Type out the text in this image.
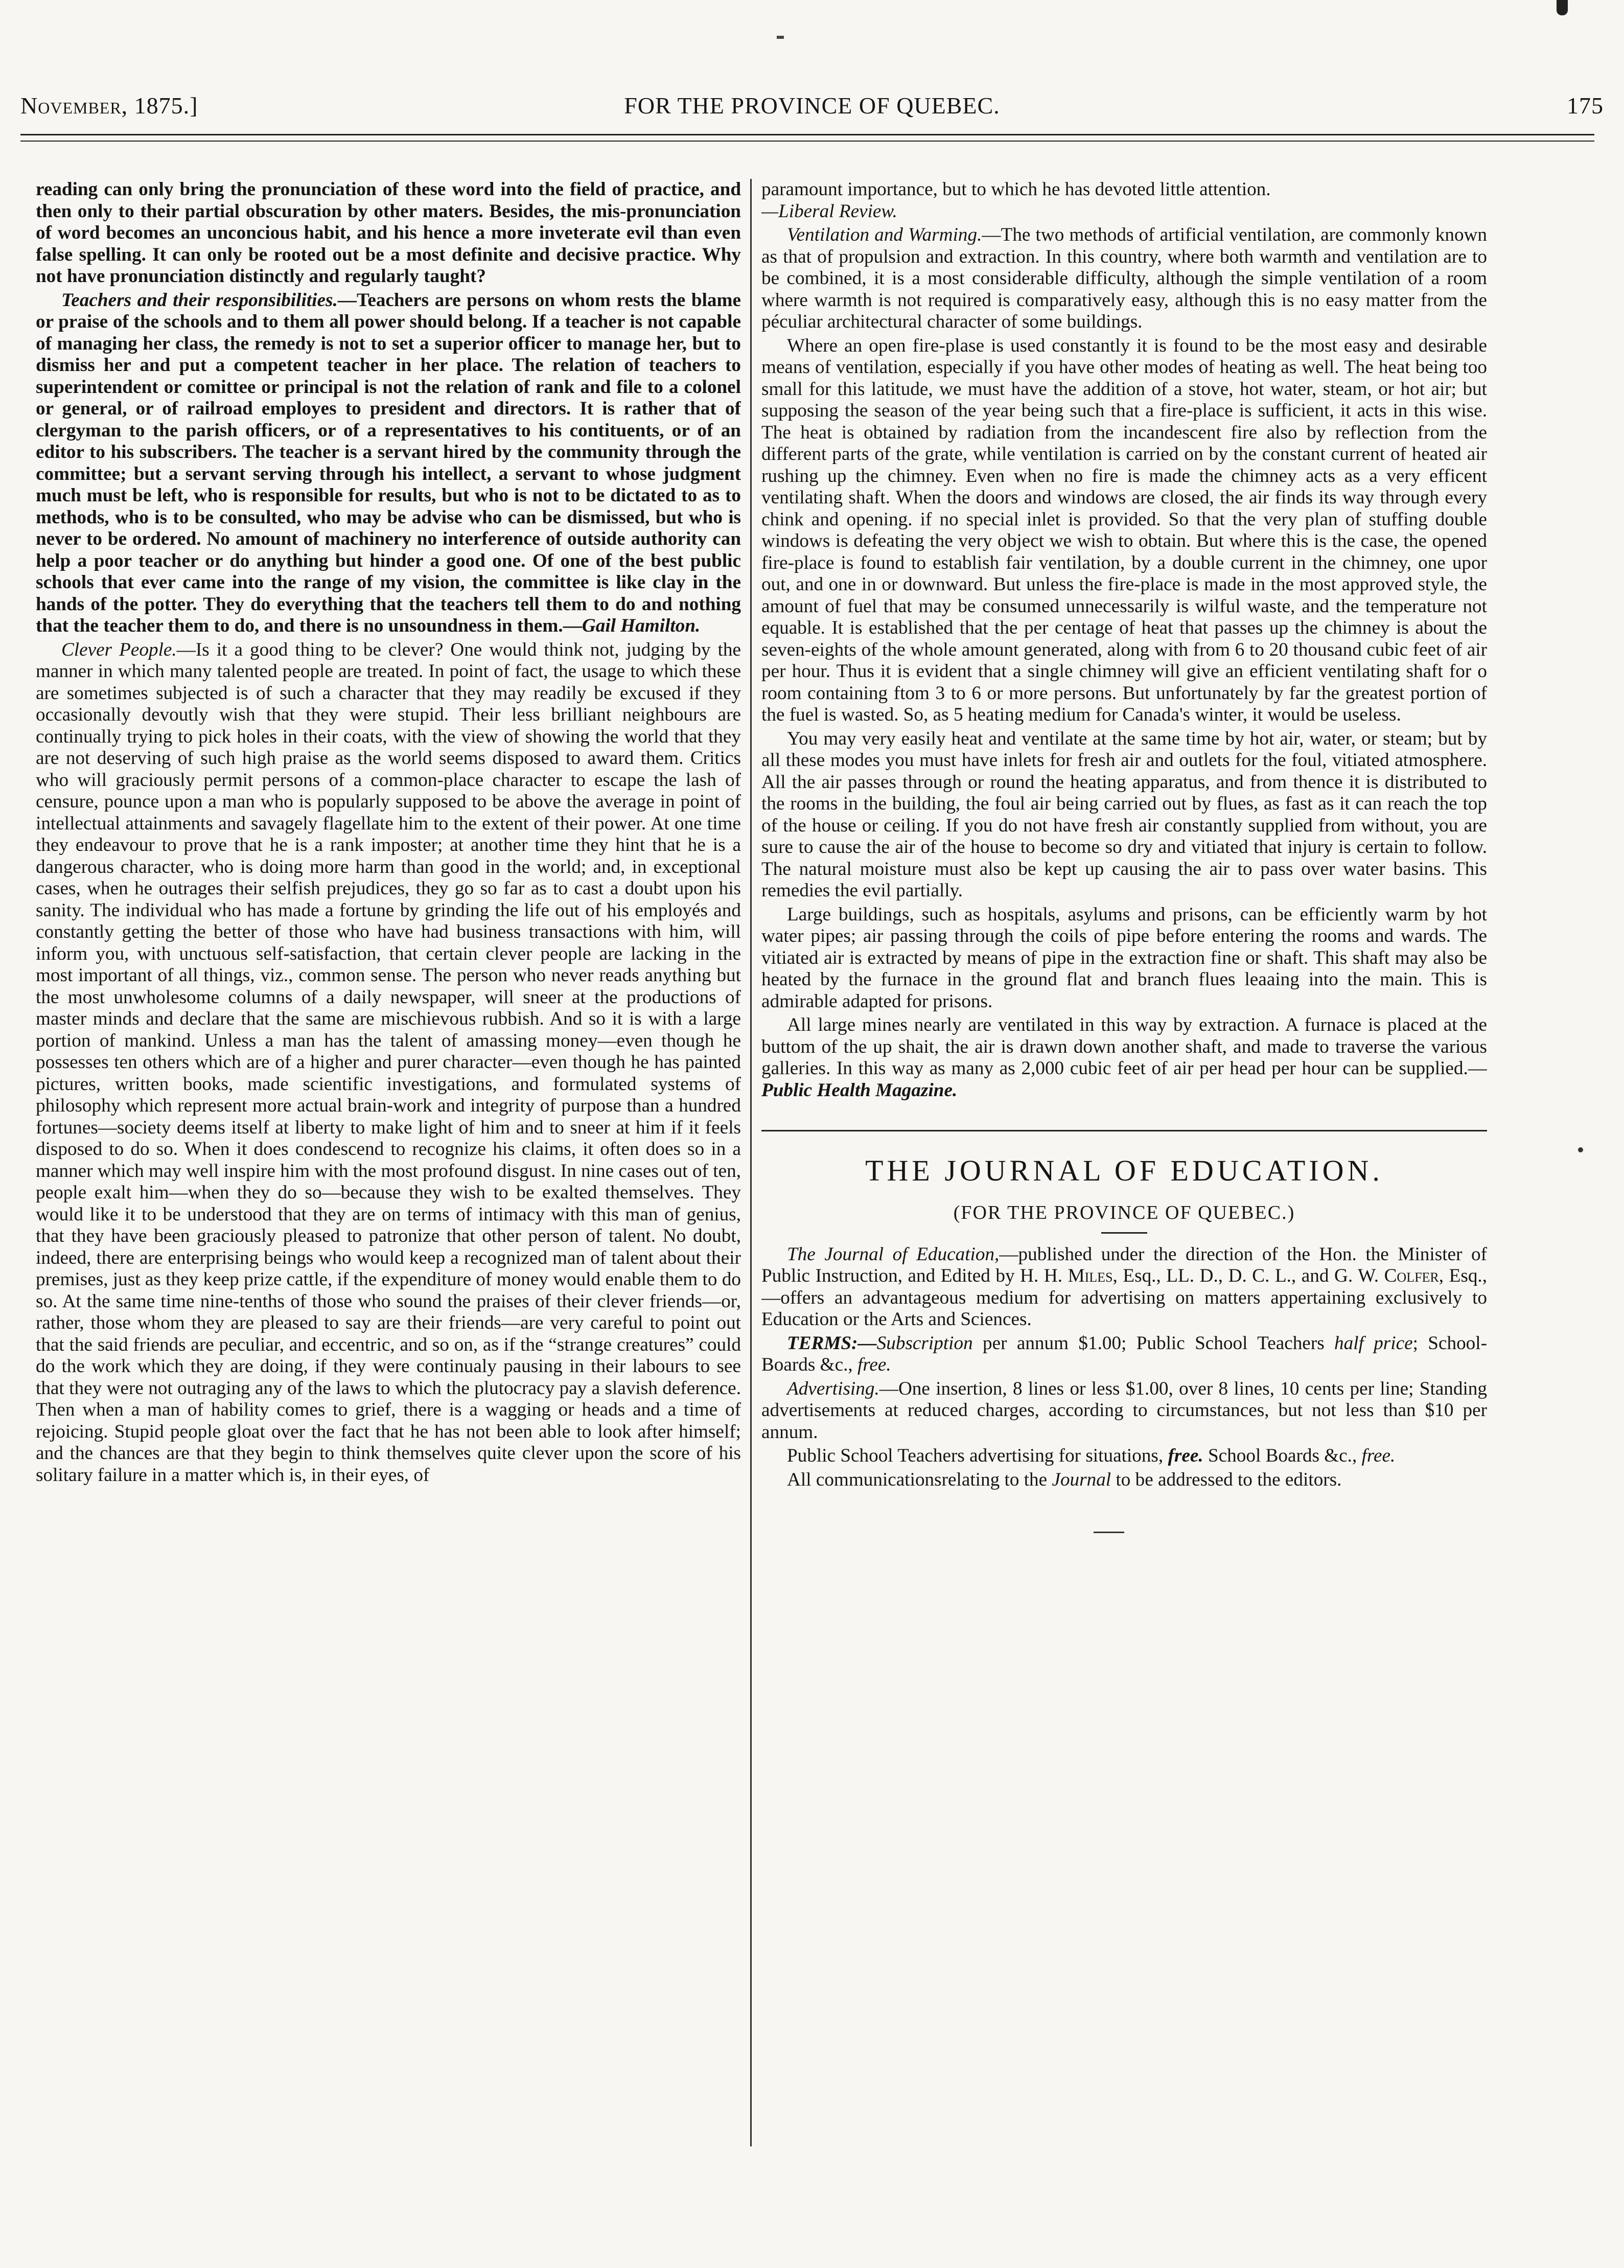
November, 1875.]	FOR THE PROVINCE OF QUEBEC.	175

reading can only bring the pronunciation of these word into the field of practice, and then only to their partial obscuration by other maters. Besides, the mis-pronunciation of word becomes an unconcious habit, and his hence a more inveterate evil than even false spelling. It can only be rooted out be a most definite and decisive practice. Why not have pronunciation distinctly and regularly taught?

Teachers and their responsibilities.—Teachers are persons on whom rests the blame or praise of the schools and to them all power should belong. If a teacher is not capable of managing her class, the remedy is not to set a superior officer to manage her, but to dismiss her and put a competent teacher in her place. The relation of teachers to superintendent or comittee or principal is not the relation of rank and file to a colonel or general, or of railroad employes to president and directors. It is rather that of clergyman to the parish officers, or of a representatives to his contituents, or of an editor to his subscribers. The teacher is a servant hired by the community through the committee; but a servant serving through his intellect, a servant to whose judgment much must be left, who is responsible for results, but who is not to be dictated to as to methods, who is to be consulted, who may be advise who can be dismissed, but who is never to be ordered. No amount of machinery no interference of outside authority can help a poor teacher or do anything but hinder a good one. Of one of the best public schools that ever came into the range of my vision, the committee is like clay in the hands of the potter. They do everything that the teachers tell them to do and nothing that the teacher them to do, and there is no unsoundness in them.—Gail Hamilton.

Clever People.—Is it a good thing to be clever? One would think not, judging by the manner in which many talented people are treated. In point of fact, the usage to which these are sometimes subjected is of such a character that they may readily be excused if they occasionally devoutly wish that they were stupid. Their less brilliant neighbours are continually trying to pick holes in their coats, with the view of showing the world that they are not deserving of such high praise as the world seems disposed to award them. Critics who will graciously permit persons of a common-place character to escape the lash of censure, pounce upon a man who is popularly supposed to be above the average in point of intellectual attainments and savagely flagellate him to the extent of their power. At one time they endeavour to prove that he is a rank imposter; at another time they hint that he is a dangerous character, who is doing more harm than good in the world; and, in exceptional cases, when he outrages their selfish prejudices, they go so far as to cast a doubt upon his sanity. The individual who has made a fortune by grinding the life out of his employés and constantly getting the better of those who have had business transactions with him, will inform you, with unctuous self-satisfaction, that certain clever people are lacking in the most important of all things, viz., common sense. The person who never reads anything but the most unwholesome columns of a daily newspaper, will sneer at the productions of master minds and declare that the same are mischievous rubbish. And so it is with a large portion of mankind. Unless a man has the talent of amassing money—even though he possesses ten others which are of a higher and purer character—even though he has painted pictures, written books, made scientific investigations, and formulated systems of philosophy which represent more actual brain-work and integrity of purpose than a hundred fortunes—society deems itself at liberty to make light of him and to sneer at him if it feels disposed to do so. When it does condescend to recognize his claims, it often does so in a manner which may well inspire him with the most profound disgust. In nine cases out of ten, people exalt him—when they do so—because they wish to be exalted themselves. They would like it to be understood that they are on terms of intimacy with this man of genius, that they have been graciously pleased to patronize that other person of talent. No doubt, indeed, there are enterprising beings who would keep a recognized man of talent about their premises, just as they keep prize cattle, if the expenditure of money would enable them to do so. At the same time nine-tenths of those who sound the praises of their clever friends—or, rather, those whom they are pleased to say are their friends—are very careful to point out that the said friends are peculiar, and eccentric, and so on, as if the “strange creatures” could do the work which they are doing, if they were continualy pausing in their labours to see that they were not outraging any of the laws to which the plutocracy pay a slavish deference. Then when a man of hability comes to grief, there is a wagging or heads and a time of rejoicing. Stupid people gloat over the fact that he has not been able to look after himself; and the chances are that they begin to think themselves quite clever upon the score of his solitary failure in a matter which is, in their eyes, of

paramount importance, but to which he has devoted little attention.
—Liberal Review.

Ventilation and Warming.—The two methods of artificial ventilation, are commonly known as that of propulsion and extraction. In this country, where both warmth and ventilation are to be combined, it is a most considerable difficulty, although the simple ventilation of a room where warmth is not required is comparatively easy, although this is no easy matter from the péculiar architectural character of some buildings.

Where an open fire-plase is used constantly it is found to be the most easy and desirable means of ventilation, especially if you have other modes of heating as well. The heat being too small for this latitude, we must have the addition of a stove, hot water, steam, or hot air; but supposing the season of the year being such that a fire-place is sufficient, it acts in this wise. The heat is obtained by radiation from the incandescent fire also by reflection from the different parts of the grate, while ventilation is carried on by the constant current of heated air rushing up the chimney. Even when no fire is made the chimney acts as a very efficent ventilating shaft. When the doors and windows are closed, the air finds its way through every chink and opening. if no special inlet is provided. So that the very plan of stuffing double windows is defeating the very object we wish to obtain. But where this is the case, the opened fire-place is found to establish fair ventilation, by a double current in the chimney, one upor out, and one in or downward. But unless the fire-place is made in the most approved style, the amount of fuel that may be consumed unnecessarily is wilful waste, and the temperature not equable. It is established that the per centage of heat that passes up the chimney is about the seven-eights of the whole amount generated, along with from 6 to 20 thousand cubic feet of air per hour. Thus it is evident that a single chimney will give an efficient ventilating shaft for o room containing ftom 3 to 6 or more persons. But unfortunately by far the greatest portion of the fuel is wasted. So, as 5 heating medium for Canada's winter, it would be useless.

You may very easily heat and ventilate at the same time by hot air, water, or steam; but by all these modes you must have inlets for fresh air and outlets for the foul, vitiated atmosphere. All the air passes through or round the heating apparatus, and from thence it is distributed to the rooms in the building, the foul air being carried out by flues, as fast as it can reach the top of the house or ceiling. If you do not have fresh air constantly supplied from without, you are sure to cause the air of the house to become so dry and vitiated that injury is certain to follow. The natural moisture must also be kept up causing the air to pass over water basins. This remedies the evil partially.

Large buildings, such as hospitals, asylums and prisons, can be efficiently warm by hot water pipes; air passing through the coils of pipe before entering the rooms and wards. The vitiated air is extracted by means of pipe in the extraction fine or shaft. This shaft may also be heated by the furnace in the ground flat and branch flues leaaing into the main. This is admirable adapted for prisons.

All large mines nearly are ventilated in this way by extraction. A furnace is placed at the buttom of the up shait, the air is drawn down another shaft, and made to traverse the various galleries. In this way as many as 2,000 cubic feet of air per head per hour can be supplied.—Public Health Magazine.

THE JOURNAL OF EDUCATION.
(FOR THE PROVINCE OF QUEBEC.)

The Journal of Education,—published under the direction of the Hon. the Minister of Public Instruction, and Edited by H. H. Miles, Esq., LL. D., D. C. L., and G. W. Colfer, Esq.,—offers an advantageous medium for advertising on matters appertaining exclusively to Education or the Arts and Sciences.

TERMS:—Subscription per annum $1.00; Public School Teachers half price; School-Boards &c., free.

Advertising.—One insertion, 8 lines or less $1.00, over 8 lines, 10 cents per line; Standing advertisements at reduced charges, according to circumstances, but not less than $10 per annum.

Public School Teachers advertising for situations, free. School Boards &c., free.

All communicationsrelating to the Journal to be addressed to the editors.
